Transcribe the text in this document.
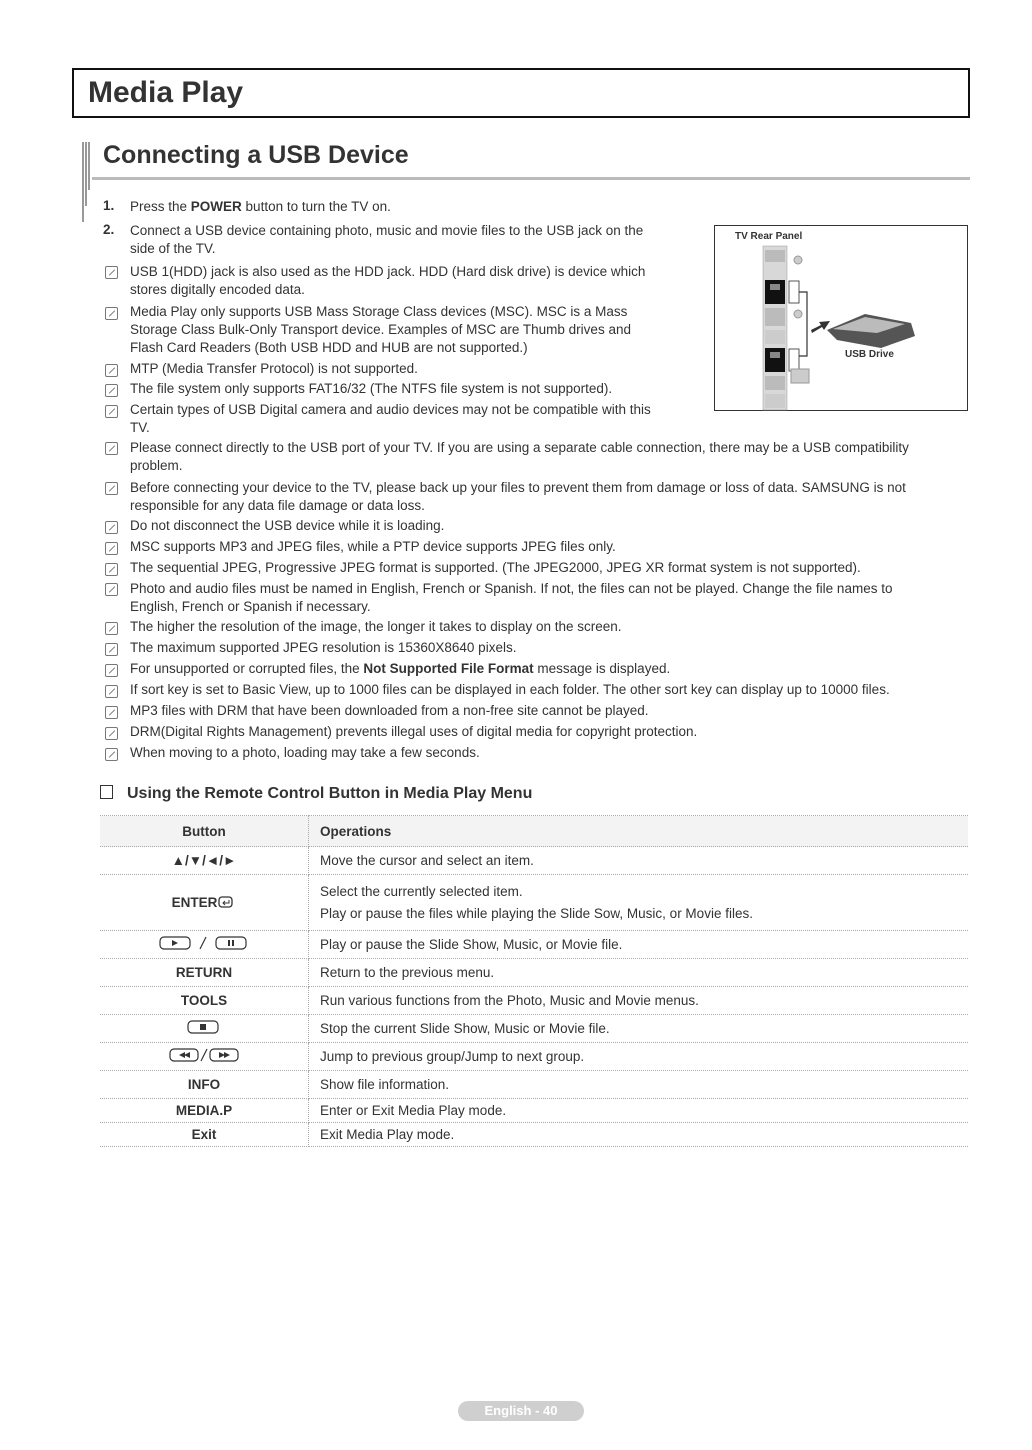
Media Play
Connecting a USB Device
1. Press the POWER button to turn the TV on.
2. Connect a USB device containing photo, music and movie files to the USB jack on the
side of the TV.
USB 1(HDD) jack is also used as the HDD jack. HDD (Hard disk drive) is device which
stores digitally encoded data.
Media Play only supports USB Mass Storage Class devices (MSC). MSC is a Mass
Storage Class Bulk-Only Transport device. Examples of MSC are Thumb drives and
Flash Card Readers (Both USB HDD and HUB are not supported.)
MTP (Media Transfer Protocol) is not supported.
The file system only supports FAT16/32 (The NTFS file system is not supported).
Certain types of USB Digital camera and audio devices may not be compatible with this
TV.
Please connect directly to the USB port of your TV. If you are using a separate cable connection, there may be a USB compatibility
problem.
Before connecting your device to the TV, please back up your files to prevent them from damage or loss of data. SAMSUNG is not
responsible for any data file damage or data loss.
Do not disconnect the USB device while it is loading.
MSC supports MP3 and JPEG files, while a PTP device supports JPEG files only.
The sequential JPEG, Progressive JPEG format is supported. (The JPEG2000, JPEG XR format system is not supported).
Photo and audio files must be named in English, French or Spanish. If not, the files can not be played. Change the file names to
English, French or Spanish if necessary.
The higher the resolution of the image, the longer it takes to display on the screen.
The maximum supported JPEG resolution is 15360X8640 pixels.
For unsupported or corrupted files, the Not Supported File Format message is displayed.
If sort key is set to Basic View, up to 1000 files can be displayed in each folder. The other sort key can display up to 10000 files.
MP3 files with DRM that have been downloaded from a non-free site cannot be played.
DRM(Digital Rights Management) prevents illegal uses of digital media for copyright protection.
When moving to a photo, loading may take a few seconds.
TV Rear Panel
USB Drive
Using the Remote Control Button in Media Play Menu
Button	Operations
▲/▼/◄/►	Move the cursor and select an item.
ENTER	Select the currently selected item.
Play or pause the files while playing the Slide Sow, Music, or Movie files.

	Play or pause the Slide Show, Music, or Movie file.
RETURN	Return to the previous menu.
TOOLS	Run various functions from the Photo, Music and Movie menus.
	Stop the current Slide Show, Music or Movie file.
	Jump to previous group/Jump to next group.
INFO	Show file information.
MEDIA.P	Enter or Exit Media Play mode.
Exit	Exit Media Play mode.
English - 40
